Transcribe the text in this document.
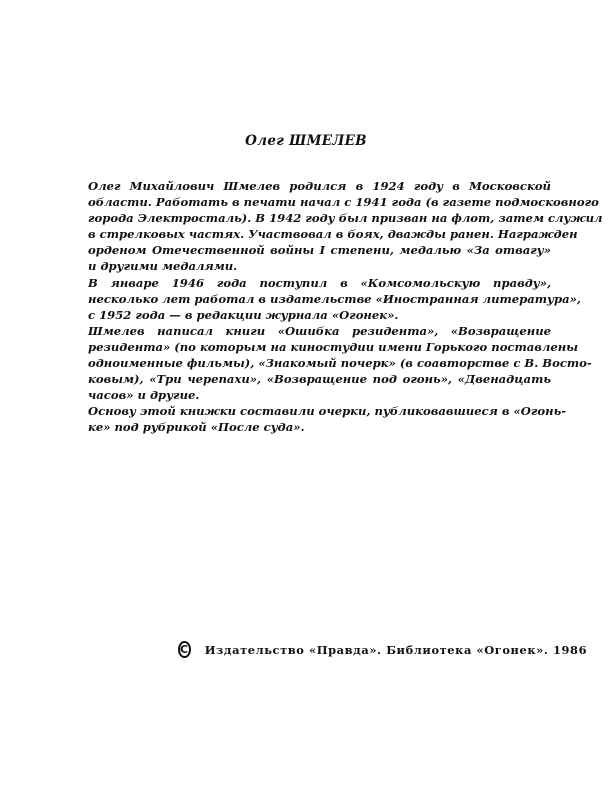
Олег ШМЕЛЕВ

Олег Михайлович Шмелев родился в 1924 году в Московской
области. Работать в печати начал с 1941 года (в газете подмосковного
города Электросталь). В 1942 году был призван на флот, затем служил
в стрелковых частях. Участвовал в боях, дважды ранен. Награжден
орденом Отечественной войны I степени, медалью «За отвагу»
и другими медалями.

В январе 1946 года поступил в «Комсомольскую правду»,
несколько лет работал в издательстве «Иностранная литература»,
с 1952 года — в редакции журнала «Огонек».

Шмелев написал книги «Ошибка резидента», «Возвращение
резидента» (по которым на киностудии имени Горького поставлены
одноименные фильмы), «Знакомый почерк» (в соавторстве с В. Восто-
ковым), «Три черепахи», «Возвращение под огонь», «Двенадцать
часов» и другие.

Основу этой книжки составили очерки, публиковавшиеся в «Огонь-
ке» под рубрикой «После суда».

C Издательство «Правда». Библиотека «Огонек». 1986
